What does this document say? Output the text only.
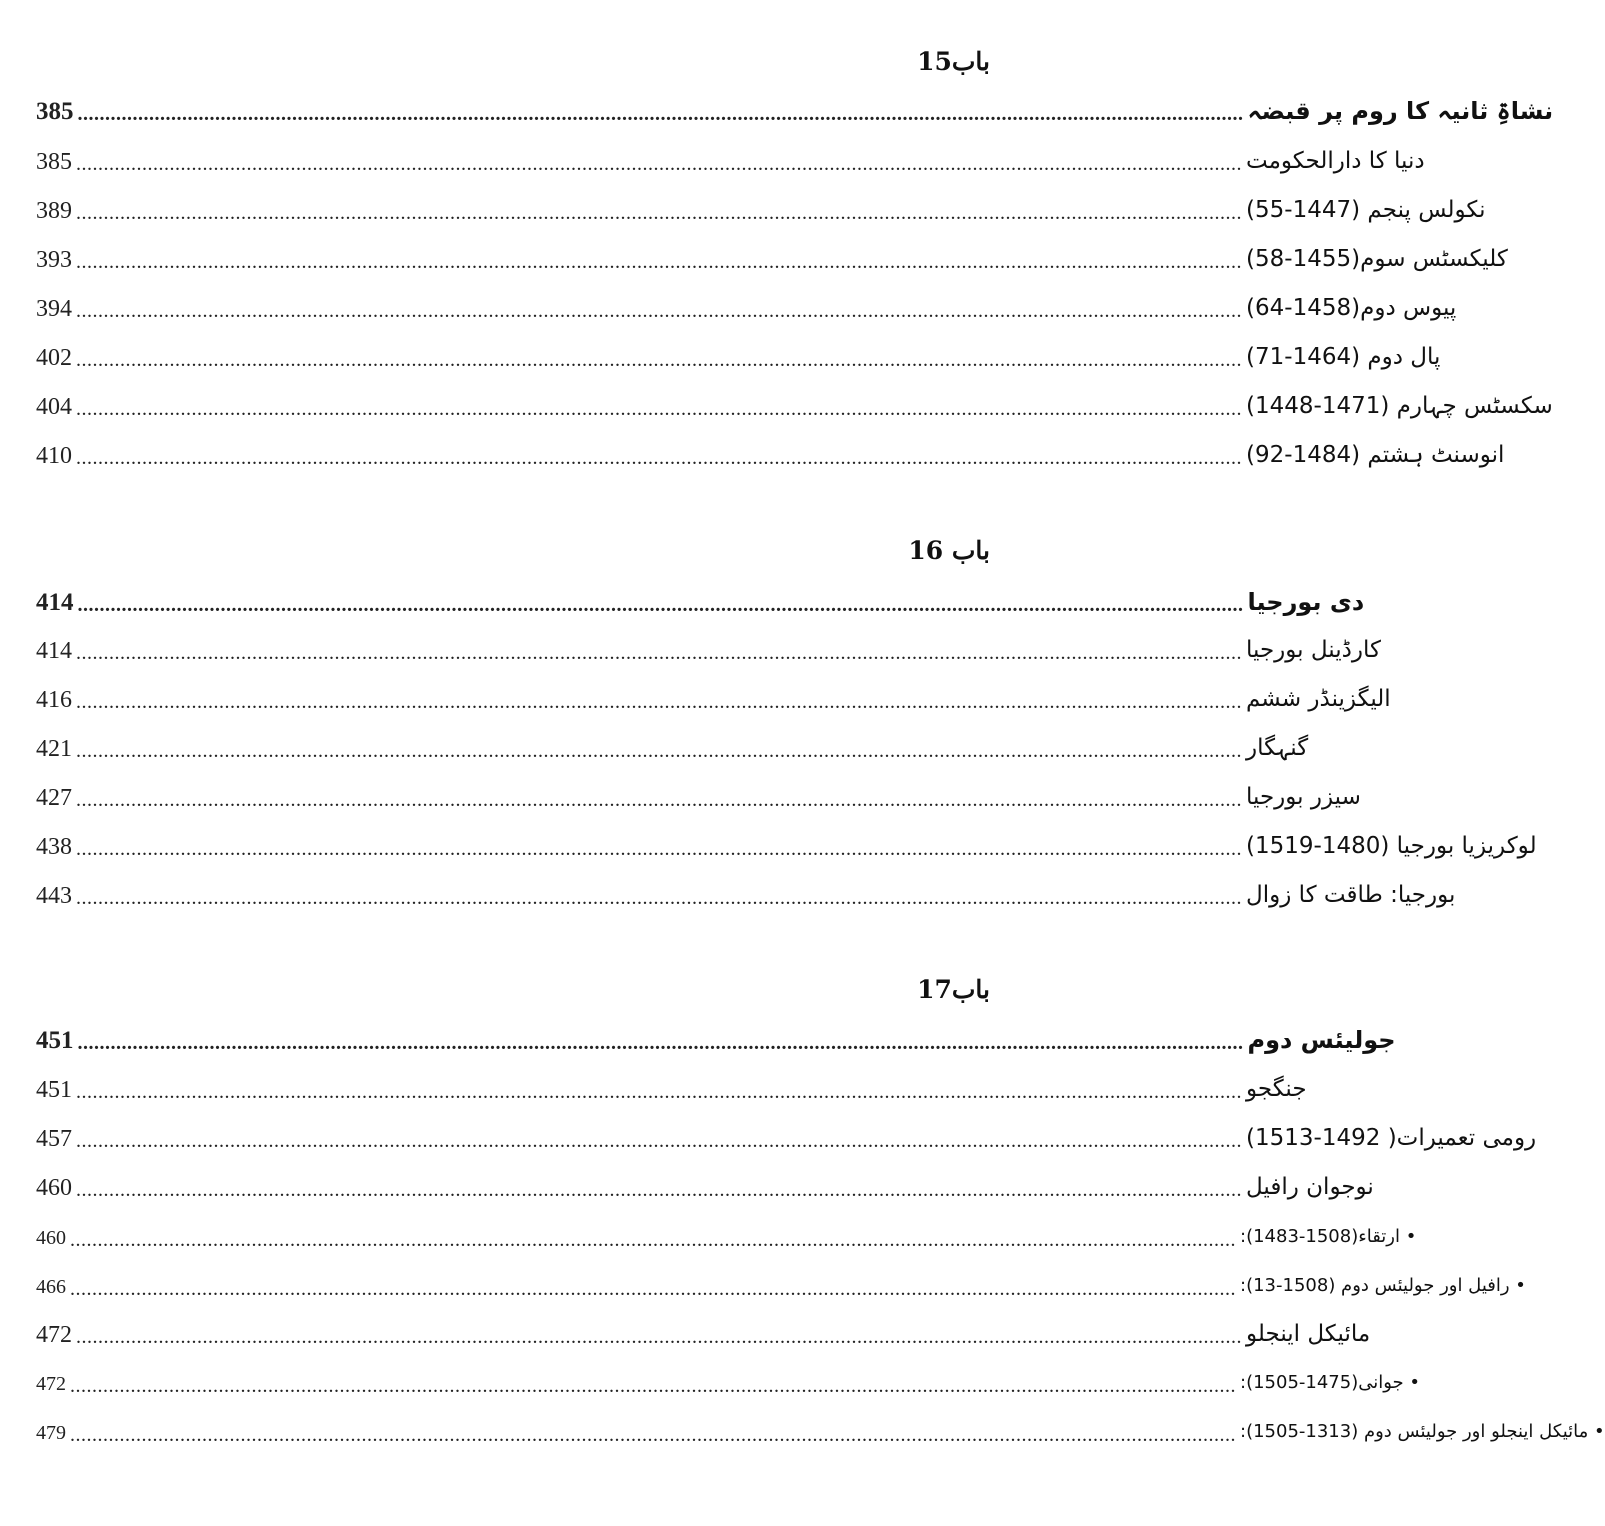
باب15
385 .................................................................................................................................................................................................................... نشاۃِ ثانیہ کا روم پر قبضہ
385 .................................................................................................................................................................................................................... دنیا کا دارالحکومت
389 .................................................................................................................................................................................................................... نکولس پنجم (1447-55)
393 .................................................................................................................................................................................................................... کلیکسٹس سوم(1455-58)
394 .................................................................................................................................................................................................................... پیوس دوم(1458-64)
402 .................................................................................................................................................................................................................... پال دوم (1464-71)
404 .................................................................................................................................................................................................................... سکسٹس چہارم (1471-1448)
410 .................................................................................................................................................................................................................... انوسنٹ ہشتم (1484-92)
باب 16
414 .................................................................................................................................................................................................................... دی بورجیا
414 .................................................................................................................................................................................................................... کارڈینل بورجیا
416 .................................................................................................................................................................................................................... الیگزینڈر ششم
421 .................................................................................................................................................................................................................... گنہگار
427 .................................................................................................................................................................................................................... سیزر بورجیا
438 .................................................................................................................................................................................................................... لوکریزیا بورجیا (1480-1519)
443 .................................................................................................................................................................................................................... بورجیا: طاقت کا زوال
باب17
451 .................................................................................................................................................................................................................... جولیئس دوم
451 .................................................................................................................................................................................................................... جنگجو
457 .................................................................................................................................................................................................................... رومی تعمیرات( 1492-1513)
460 .................................................................................................................................................................................................................... نوجوان رافیل
460 .................................................................................................................................................................................................................... • ارتقاء(1508-1483):
466 .................................................................................................................................................................................................................... • رافیل اور جولیئس دوم (1508-13):
472 .................................................................................................................................................................................................................... مائیکل اینجلو
472 .................................................................................................................................................................................................................... • جوانی(1475-1505):
479 .................................................................................................................................................................................................................... • مائیکل اینجلو اور جولیئس دوم (1313-1505):
